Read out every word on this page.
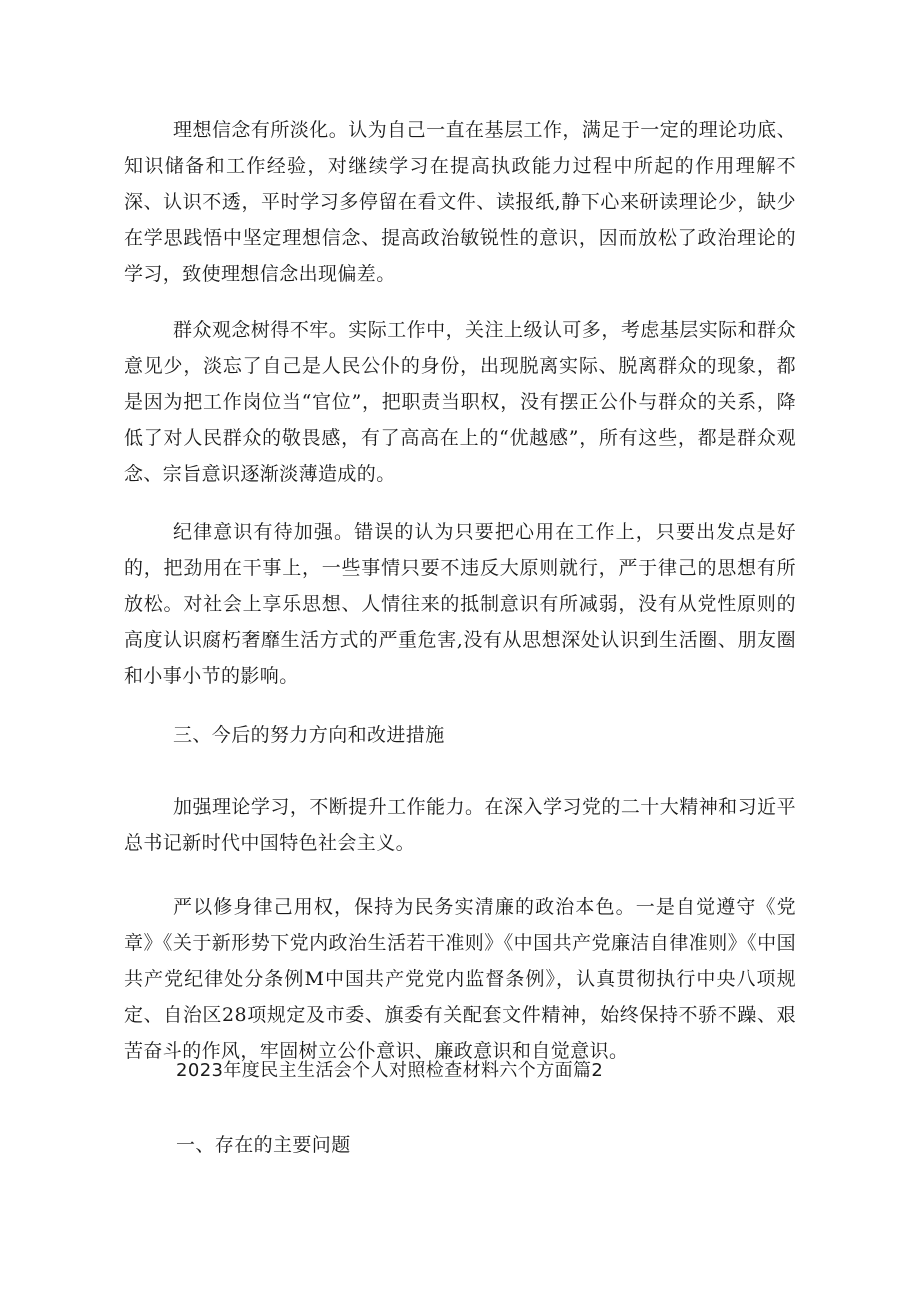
理想信念有所淡化。认为自己一直在基层工作，满足于一定的理论功底、知识储备和工作经验，对继续学习在提高执政能力过程中所起的作用理解不深、认识不透，平时学习多停留在看文件、读报纸,静下心来研读理论少，缺少在学思践悟中坚定理想信念、提高政治敏锐性的意识，因而放松了政治理论的学习，致使理想信念出现偏差。

群众观念树得不牢。实际工作中，关注上级认可多，考虑基层实际和群众意见少，淡忘了自己是人民公仆的身份，出现脱离实际、脱离群众的现象，都是因为把工作岗位当“官位”，把职责当职权，没有摆正公仆与群众的关系，降低了对人民群众的敬畏感，有了高高在上的“优越感”，所有这些，都是群众观念、宗旨意识逐渐淡薄造成的。

纪律意识有待加强。错误的认为只要把心用在工作上，只要出发点是好的，把劲用在干事上，一些事情只要不违反大原则就行，严于律己的思想有所放松。对社会上享乐思想、人情往来的抵制意识有所减弱，没有从党性原则的高度认识腐朽奢靡生活方式的严重危害,没有从思想深处认识到生活圈、朋友圈和小事小节的影响。

三、今后的努力方向和改进措施

加强理论学习，不断提升工作能力。在深入学习党的二十大精神和习近平总书记新时代中国特色社会主义。

严以修身律己用权，保持为民务实清廉的政治本色。一是自觉遵守《党章》《关于新形势下党内政治生活若干准则》《中国共产党廉洁自律准则》《中国共产党纪律处分条例M中国共产党党内监督条例》，认真贯彻执行中央八项规定、自治区28项规定及市委、旗委有关配套文件精神，始终保持不骄不躁、艰苦奋斗的作风，牢固树立公仆意识、廉政意识和自觉意识。

2023年度民主生活会个人对照检查材料六个方面篇2

一、存在的主要问题
